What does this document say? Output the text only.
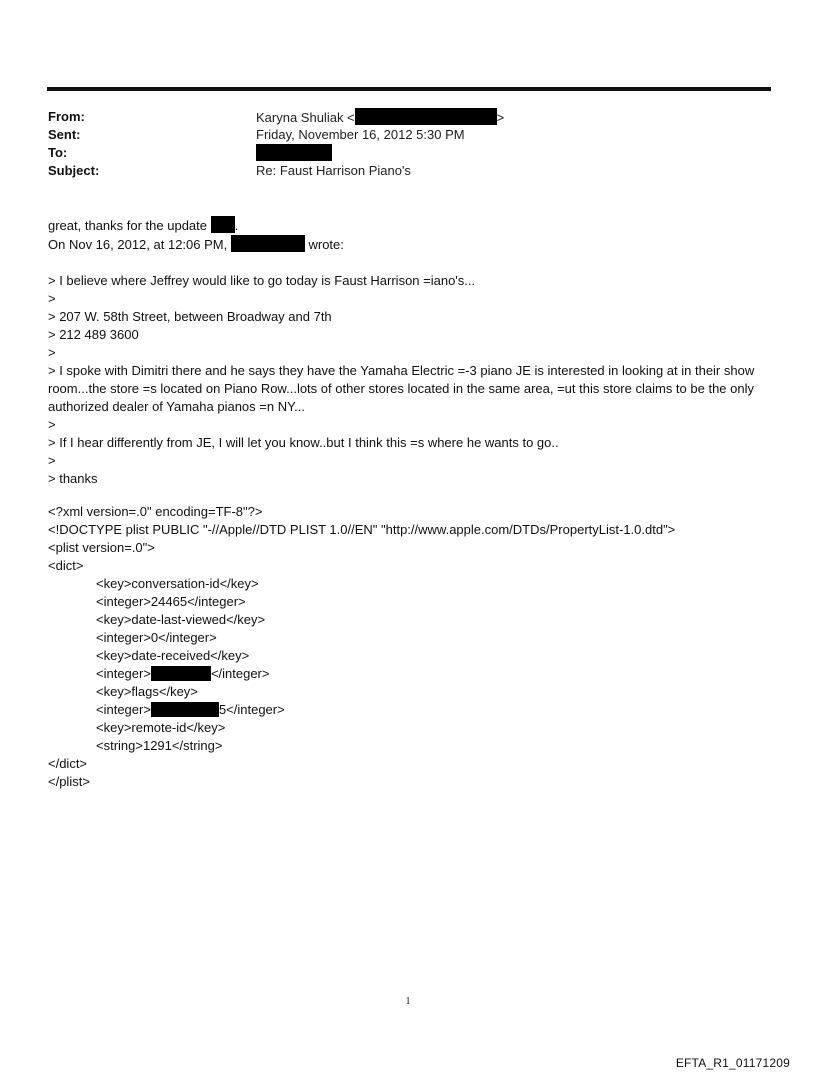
From:	Karyna Shuliak <	>
Sent:	Friday, November 16, 2012 5:30 PM
To:
Subject:	Re: Faust Harrison Piano's
great, thanks for the update .
On Nov 16, 2012, at 12:06 PM,	wrote:
> I believe where Jeffrey would like to go today is Faust Harrison =iano's...
>
> 207 W. 58th Street, between Broadway and 7th
> 212 489 3600
>
> I spoke with Dimitri there and he says they have the Yamaha Electric =-3 piano JE is interested in looking at in their show room...the store =s located on Piano Row...lots of other stores located in the same area, =ut this store claims to be the only authorized dealer of Yamaha pianos =n NY...
>
> If I hear differently from JE, I will let you know..but I think this =s where he wants to go..
>
> thanks
<?xml version=.0" encoding=TF-8"?>
<!DOCTYPE plist PUBLIC "-//Apple//DTD PLIST 1.0//EN" "http://www.apple.com/DTDs/PropertyList-1.0.dtd">
<plist version=.0">
<dict>
<key>conversation-id</key>
<integer>24465</integer>
<key>date-last-viewed</key>
<integer>0</integer>
<key>date-received</key>
<integer>	</integer>
<key>flags</key>
<integer>	5</integer>
<key>remote-id</key>
<string>1291</string>
</dict>
</plist>
1
EFTA_R1_01171209
